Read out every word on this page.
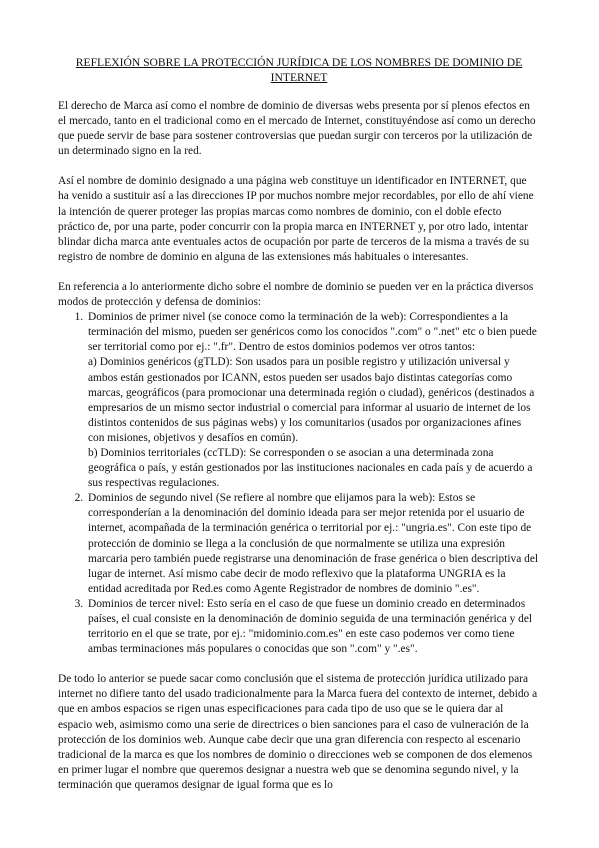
REFLEXIÓN SOBRE LA PROTECCIÓN JURÍDICA DE LOS NOMBRES DE DOMINIO DE INTERNET

El derecho de Marca así como el nombre de dominio de diversas webs presenta por sí plenos efectos en el mercado, tanto en el tradicional como en el mercado de Internet, constituyéndose así como un derecho que puede servir de base para sostener controversias que puedan surgir con terceros por la utilización de un determinado signo en la red.

Así el nombre de dominio designado a una página web constituye un identificador en INTERNET, que ha venido a sustituir así a las direcciones IP por muchos nombre mejor recordables, por ello de ahí viene la intención de querer proteger las propias marcas como nombres de dominio, con el doble efecto práctico de, por una parte, poder concurrir con la propia marca en INTERNET y, por otro lado, intentar blindar dicha marca ante eventuales actos de ocupación por parte de terceros de la misma a través de su registro de nombre de dominio en alguna de las extensiones más habituales o interesantes.

En referencia a lo anteriormente dicho sobre el nombre de dominio se pueden ver en la práctica diversos modos de protección y defensa de dominios:
1. Dominios de primer nivel (se conoce como la terminación de la web): Correspondientes a la terminación del mismo, pueden ser genéricos como los conocidos ".com" o ".net" etc o bien puede ser territorial como por ej.: ".fr". Dentro de estos dominios podemos ver otros tantos:
a) Dominios genéricos (gTLD): Son usados para un posible registro y utilización universal y ambos están gestionados por ICANN, estos pueden ser usados bajo distintas categorías como marcas, geográficos (para promocionar una determinada región o ciudad), genéricos (destinados a empresarios de un mismo sector industrial o comercial para informar al usuario de internet de los distintos contenidos de sus páginas webs) y los comunitarios (usados por organizaciones afines con misiones, objetivos y desafíos en común).
b) Dominios territoriales (ccTLD): Se corresponden o se asocian a una determinada zona geográfica o país, y están gestionados por las instituciones nacionales en cada país y de acuerdo a sus respectivas regulaciones.
2. Dominios de segundo nivel (Se refiere al nombre que elijamos para la web): Estos se corresponderían a la denominación del dominio ideada para ser mejor retenida por el usuario de internet, acompañada de la terminación genérica o territorial por ej.: "ungria.es". Con este tipo de protección de dominio se llega a la conclusión de que normalmente se utiliza una expresión marcaria pero también puede registrarse una denominación de frase genérica o bien descriptiva del lugar de internet. Así mismo cabe decir de modo reflexivo que la plataforma UNGRIA es la entidad acreditada por Red.es como Agente Registrador de nombres de dominio ".es".
3. Dominios de tercer nivel: Esto sería en el caso de que fuese un dominio creado en determinados países, el cual consiste en la denominación de dominio seguida de una terminación genérica y del territorio en el que se trate, por ej.: "midominio.com.es" en este caso podemos ver como tiene ambas terminaciones más populares o conocidas que son ".com" y ".es".

De todo lo anterior se puede sacar como conclusión que el sistema de protección jurídica utilizado para internet no difiere tanto del usado tradicionalmente para la Marca fuera del contexto de internet, debido a que en ambos espacios se rigen unas especificaciones para cada tipo de uso que se le quiera dar al espacio web, asimismo como una serie de directrices o bien sanciones para el caso de vulneración de la protección de los dominios web. Aunque cabe decir que una gran diferencia con respecto al escenario tradicional de la marca es que los nombres de dominio o direcciones web se componen de dos elemenos en primer lugar el nombre que queremos designar a nuestra web que se denomina segundo nivel, y la terminación que queramos designar de igual forma que es lo
